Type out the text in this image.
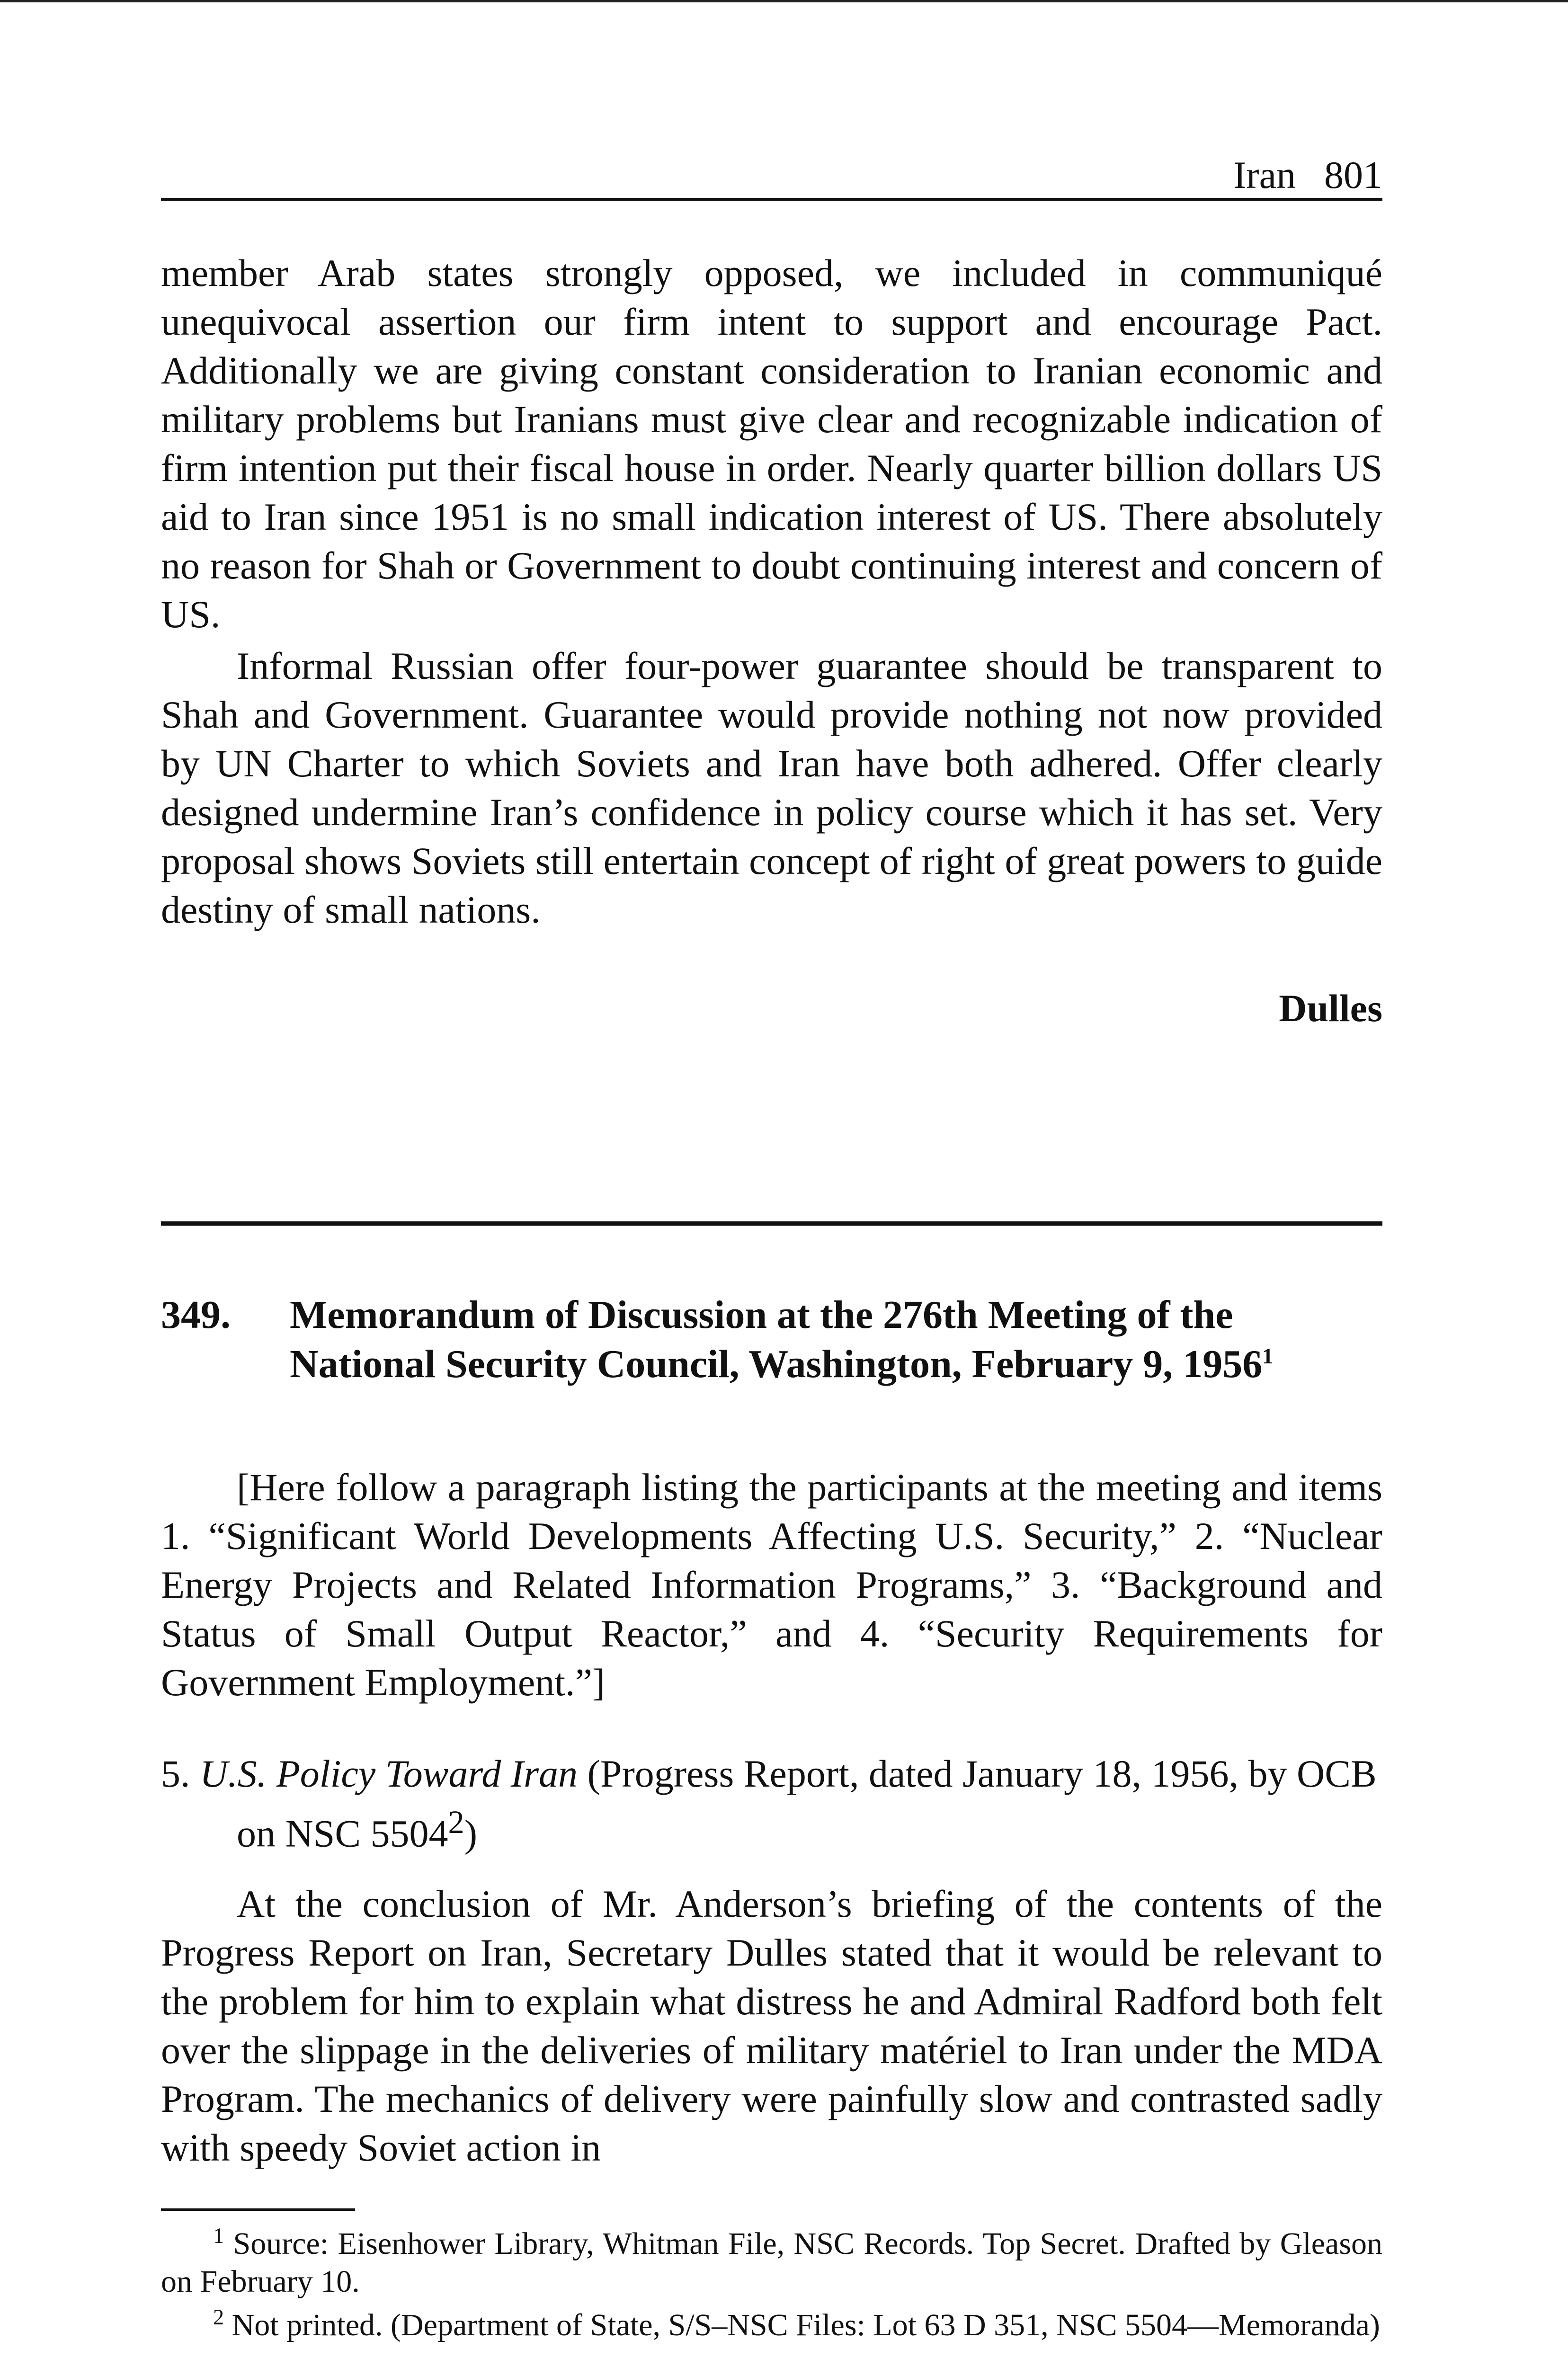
Iran 801

member Arab states strongly opposed, we included in communiqué unequivocal assertion our firm intent to support and encourage Pact. Additionally we are giving constant consideration to Iranian economic and military problems but Iranians must give clear and recognizable indication of firm intention put their fiscal house in order. Nearly quarter billion dollars US aid to Iran since 1951 is no small indication interest of US. There absolutely no reason for Shah or Government to doubt continuing interest and concern of US.

Informal Russian offer four-power guarantee should be transparent to Shah and Government. Guarantee would provide nothing not now provided by UN Charter to which Soviets and Iran have both adhered. Offer clearly designed undermine Iran’s confidence in policy course which it has set. Very proposal shows Soviets still entertain concept of right of great powers to guide destiny of small nations.

Dulles
349. Memorandum of Discussion at the 276th Meeting of the National Security Council, Washington, February 9, 1956$^1$

[Here follow a paragraph listing the participants at the meeting and items 1. “Significant World Developments Affecting U.S. Security,” 2. “Nuclear Energy Projects and Related Information Programs,” 3. “Background and Status of Small Output Reactor,” and 4. “Security Requirements for Government Employment.”]

5. U.S. Policy Toward Iran (Progress Report, dated January 18, 1956, by OCB on NSC 5504$^2$)

At the conclusion of Mr. Anderson’s briefing of the contents of the Progress Report on Iran, Secretary Dulles stated that it would be relevant to the problem for him to explain what distress he and Admiral Radford both felt over the slippage in the deliveries of military matériel to Iran under the MDA Program. The mechanics of delivery were painfully slow and contrasted sadly with speedy Soviet action in

$^1$ Source: Eisenhower Library, Whitman File, NSC Records. Top Secret. Drafted by Gleason on February 10.

$^2$ Not printed. (Department of State, S/S–NSC Files: Lot 63 D 351, NSC 5504—Memoranda)
